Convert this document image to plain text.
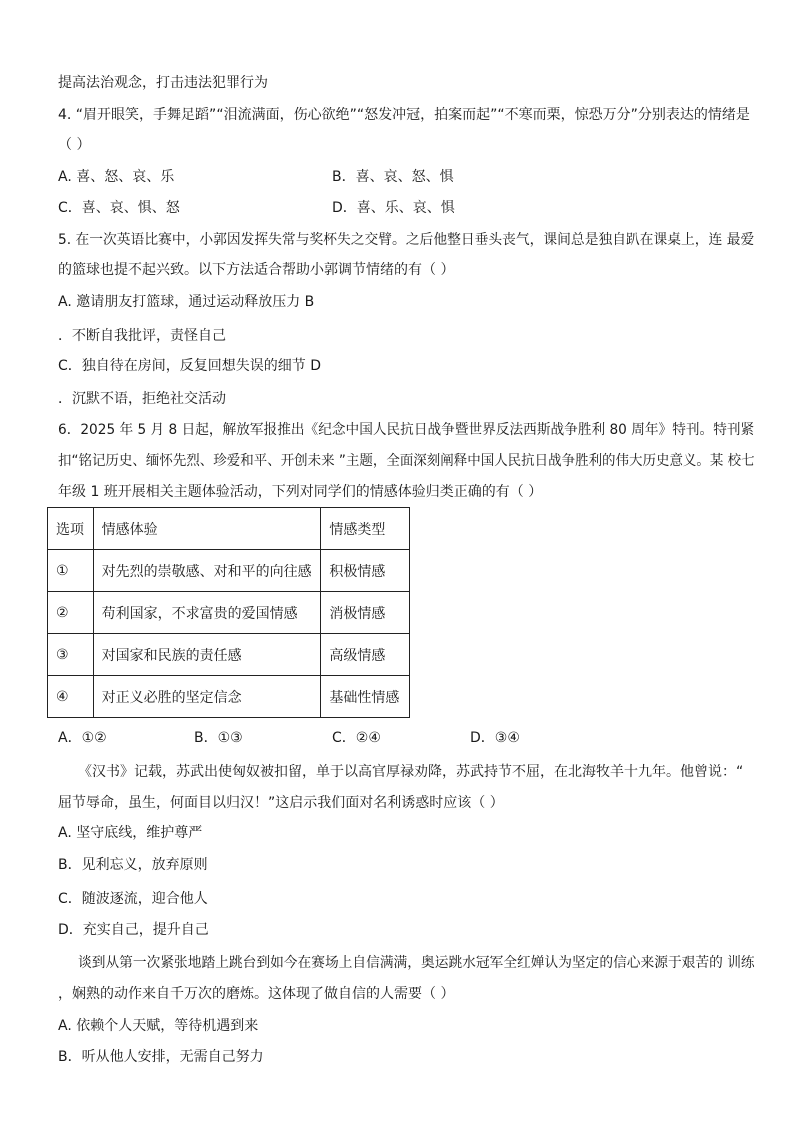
提高法治观念，打击违法犯罪行为
4. “眉开眼笑，手舞足蹈”“泪流满面，伤心欲绝”“怒发冲冠，拍案而起”“不寒而栗，惊恐万分”分别表达的情绪是
（ ）
A. 喜、怒、哀、乐	B．喜、哀、怒、惧
C．喜、哀、惧、怒	D．喜、乐、哀、惧
5. 在一次英语比赛中，小郭因发挥失常与奖杯失之交臂。之后他整日垂头丧气，课间总是独自趴在课桌上，连 最爱
的篮球也提不起兴致。以下方法适合帮助小郭调节情绪的有（ ）
A. 邀请朋友打篮球，通过运动释放压力 B
．不断自我批评，责怪自己
C．独自待在房间，反复回想失误的细节 D
．沉默不语，拒绝社交活动
6．2025 年 5 月 8 日起，解放军报推出《纪念中国人民抗日战争暨世界反法西斯战争胜利 80 周年》特刊。特刊紧
扣“铭记历史、缅怀先烈、珍爱和平、开创未来 ”主题，全面深刻阐释中国人民抗日战争胜利的伟大历史意义。某 校七
年级 1 班开展相关主题体验活动，下列对同学们的情感体验归类正确的有（ ）
选项	情感体验	情感类型
①	对先烈的崇敬感、对和平的向往感	积极情感
②	苟利国家，不求富贵的爱国情感	消极情感
③	对国家和民族的责任感	高级情感
④	对正义必胜的坚定信念	基础性情感
A．①②	B．①③	C．②④	D．③④
《汉书》记载，苏武出使匈奴被扣留，单于以高官厚禄劝降，苏武持节不屈，在北海牧羊十九年。他曾说：“
屈节辱命，虽生，何面目以归汉！”这启示我们面对名利诱惑时应该（ ）
A. 坚守底线，维护尊严
B．见利忘义，放弃原则
C．随波逐流，迎合他人
D．充实自己，提升自己
谈到从第一次紧张地踏上跳台到如今在赛场上自信满满，奥运跳水冠军全红婵认为坚定的信心来源于艰苦的 训练
，娴熟的动作来自千万次的磨炼。这体现了做自信的人需要（ ）
A. 依赖个人天赋，等待机遇到来
B．听从他人安排，无需自己努力
